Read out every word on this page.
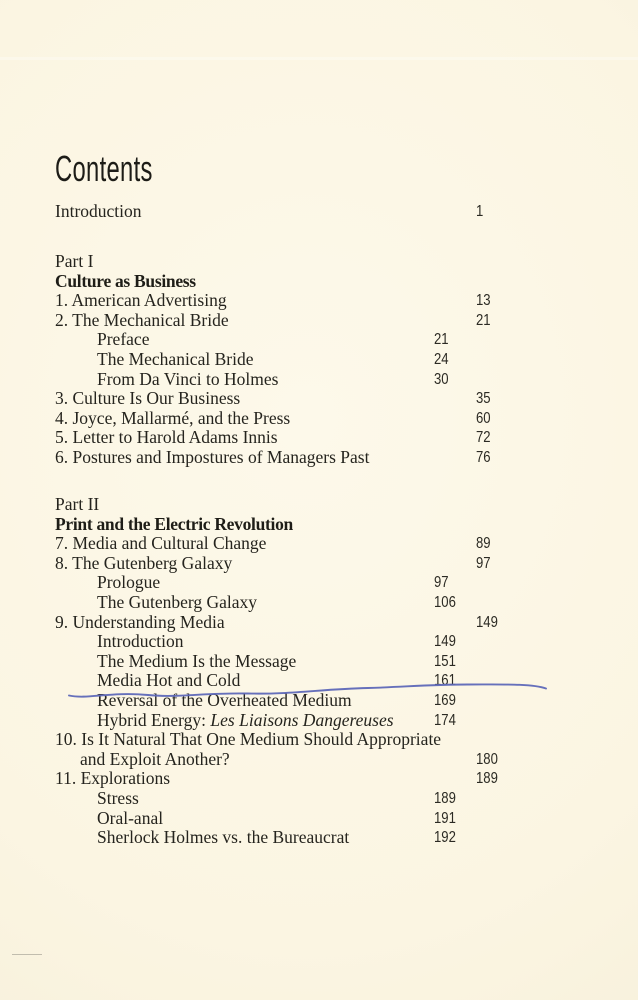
Contents
Introduction	1
Part I
Culture as Business
1. American Advertising	13
2. The Mechanical Bride	21
Preface	21
The Mechanical Bride	24
From Da Vinci to Holmes	30
3. Culture Is Our Business	35
4. Joyce, Mallarmé, and the Press	60
5. Letter to Harold Adams Innis	72
6. Postures and Impostures of Managers Past	76
Part II
Print and the Electric Revolution
7. Media and Cultural Change	89
8. The Gutenberg Galaxy	97
Prologue	97
The Gutenberg Galaxy	106
9. Understanding Media	149
Introduction	149
The Medium Is the Message	151
Media Hot and Cold	161
Reversal of the Overheated Medium	169
Hybrid Energy: Les Liaisons Dangereuses	174
10. Is It Natural That One Medium Should Appropriate
and Exploit Another?	180
11. Explorations	189
Stress	189
Oral-anal	191
Sherlock Holmes vs. the Bureaucrat	192
